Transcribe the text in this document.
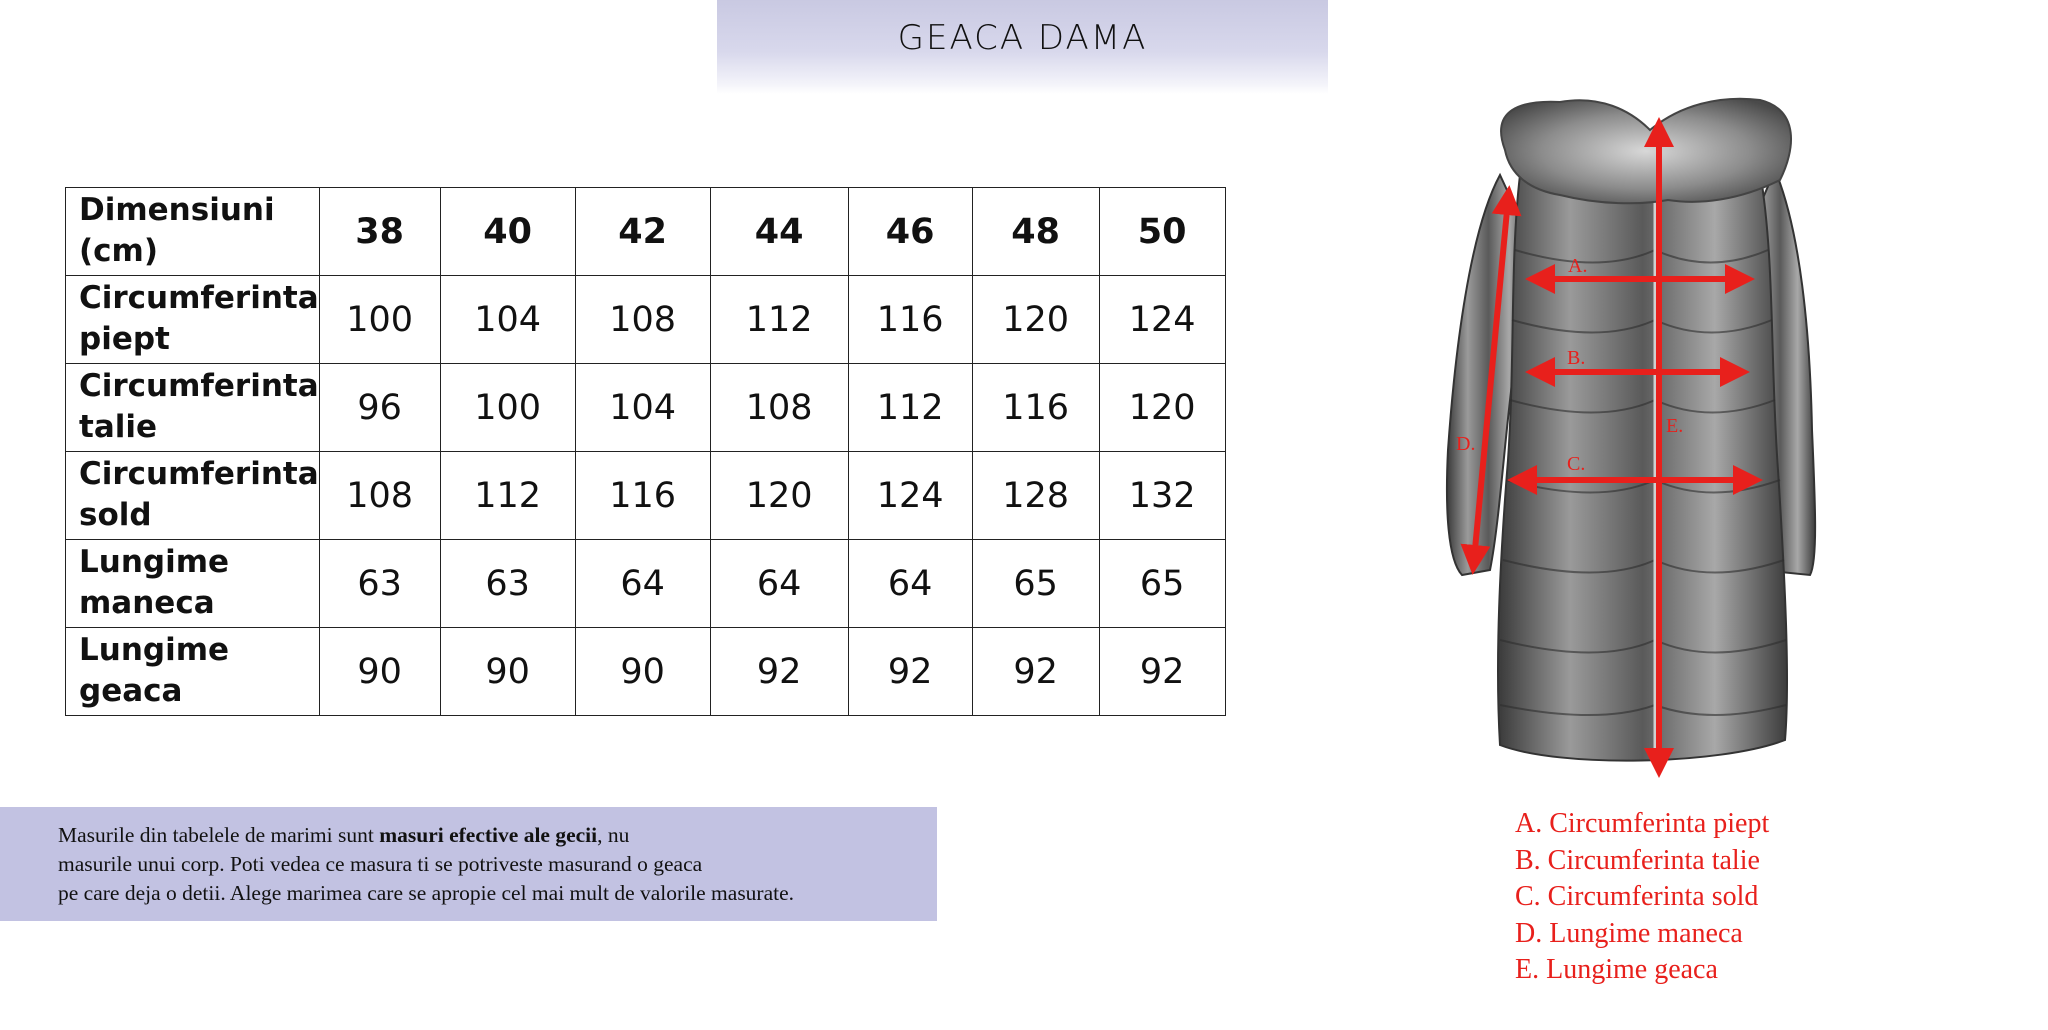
GEACA DAMA
Dimensiuni
(cm)	38	40	42	44	46	48	50

Circumferinta
piept	100	104	108	112	116	120	124

Circumferinta
talie	96	100	104	108	112	116	120

Circumferinta
sold	108	112	116	120	124	128	132

Lungime
maneca	63	63	64	64	64	65	65

Lungime
geaca	90	90	90	92	92	92	92

Masurile din tabelele de marimi sunt masuri efective ale gecii, nu

masurile unui corp. Poti vedea ce masura ti se potriveste masurand o geaca

pe care deja o detii. Alege marimea care se apropie cel mai mult de valorile masurate.

A.
B.
C.
D.
E.
A. Circumferinta piept
B. Circumferinta talie
C. Circumferinta sold
D. Lungime maneca
E. Lungime geaca
